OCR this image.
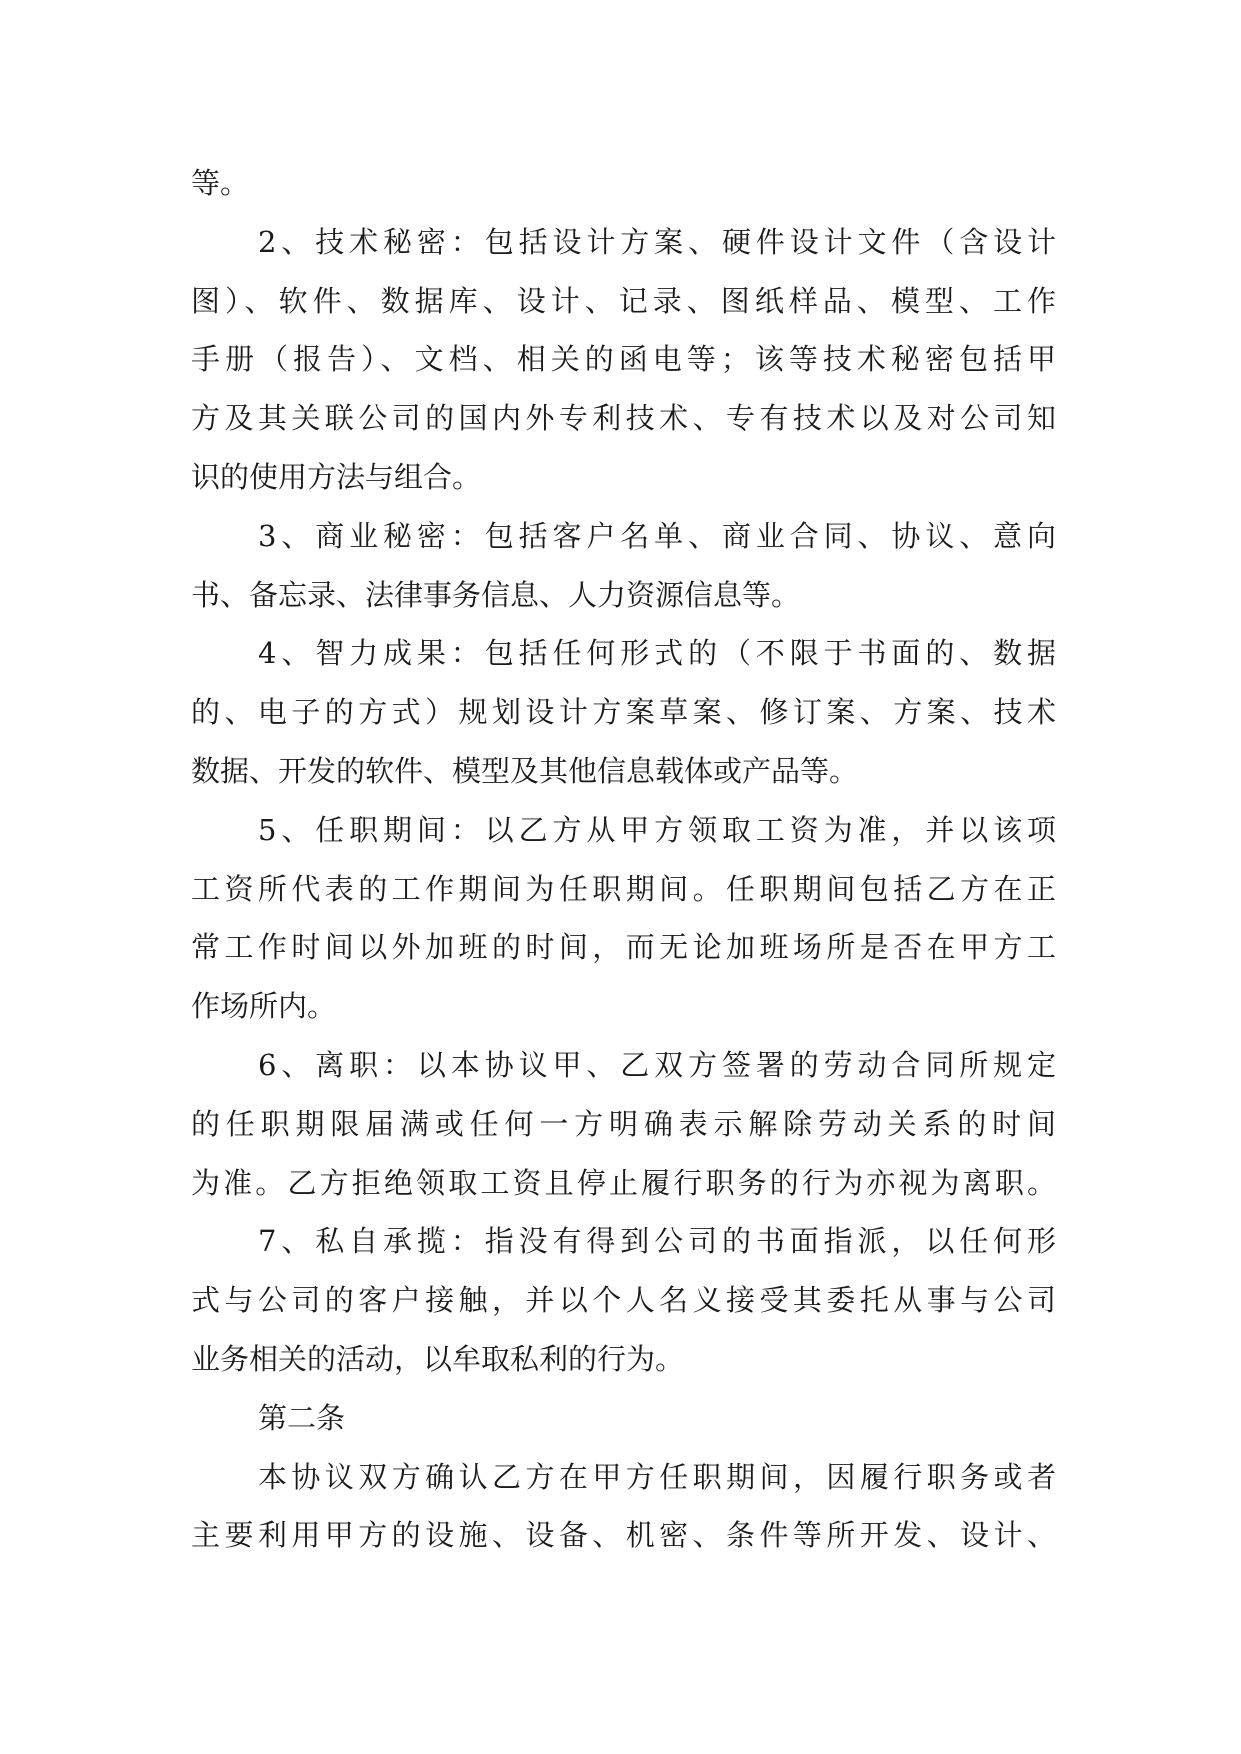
等。
2、技术秘密：包括设计方案、硬件设计文件（含设计
图）、软件、数据库、设计、记录、图纸样品、模型、工作
手册（报告）、文档、相关的函电等；该等技术秘密包括甲
方及其关联公司的国内外专利技术、专有技术以及对公司知
识的使用方法与组合。
3、商业秘密：包括客户名单、商业合同、协议、意向
书、备忘录、法律事务信息、人力资源信息等。
4、智力成果：包括任何形式的（不限于书面的、数据
的、电子的方式）规划设计方案草案、修订案、方案、技术
数据、开发的软件、模型及其他信息载体或产品等。
5、任职期间：以乙方从甲方领取工资为准，并以该项
工资所代表的工作期间为任职期间。任职期间包括乙方在正
常工作时间以外加班的时间，而无论加班场所是否在甲方工
作场所内。
6、离职：以本协议甲、乙双方签署的劳动合同所规定
的任职期限届满或任何一方明确表示解除劳动关系的时间
为准。乙方拒绝领取工资且停止履行职务的行为亦视为离职。
7、私自承揽：指没有得到公司的书面指派，以任何形
式与公司的客户接触，并以个人名义接受其委托从事与公司
业务相关的活动，以牟取私利的行为。
第二条
本协议双方确认乙方在甲方任职期间，因履行职务或者
主要利用甲方的设施、设备、机密、条件等所开发、设计、
